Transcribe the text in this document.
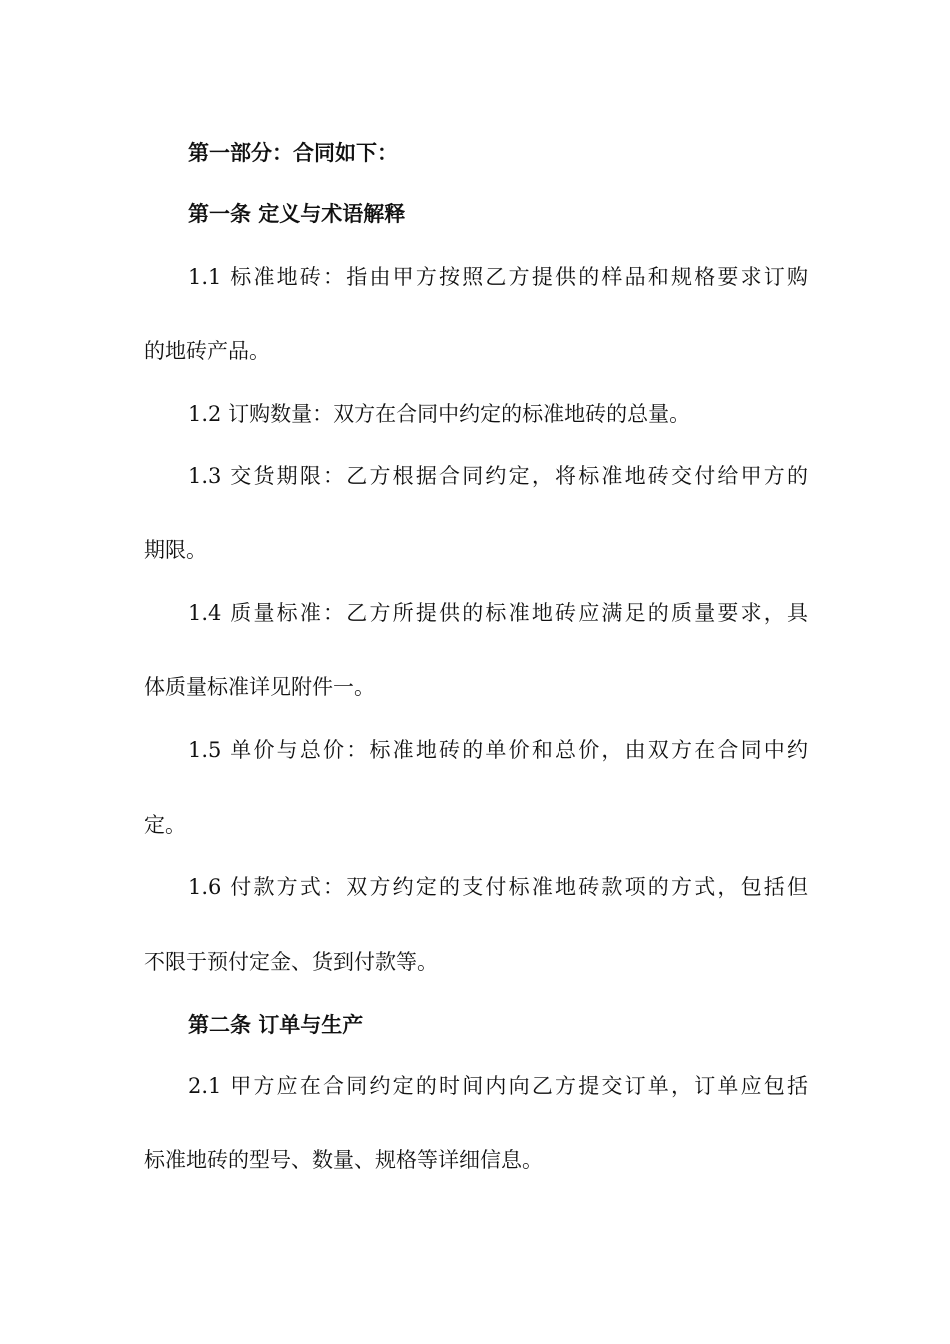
第一部分：合同如下：
第一条 定义与术语解释
1.1 标准地砖：指由甲方按照乙方提供的样品和规格要求订购
的地砖产品。
1.2 订购数量：双方在合同中约定的标准地砖的总量。
1.3 交货期限：乙方根据合同约定，将标准地砖交付给甲方的
期限。
1.4 质量标准：乙方所提供的标准地砖应满足的质量要求，具
体质量标准详见附件一。
1.5 单价与总价：标准地砖的单价和总价，由双方在合同中约
定。
1.6 付款方式：双方约定的支付标准地砖款项的方式，包括但
不限于预付定金、货到付款等。
第二条 订单与生产
2.1 甲方应在合同约定的时间内向乙方提交订单，订单应包括
标准地砖的型号、数量、规格等详细信息。
